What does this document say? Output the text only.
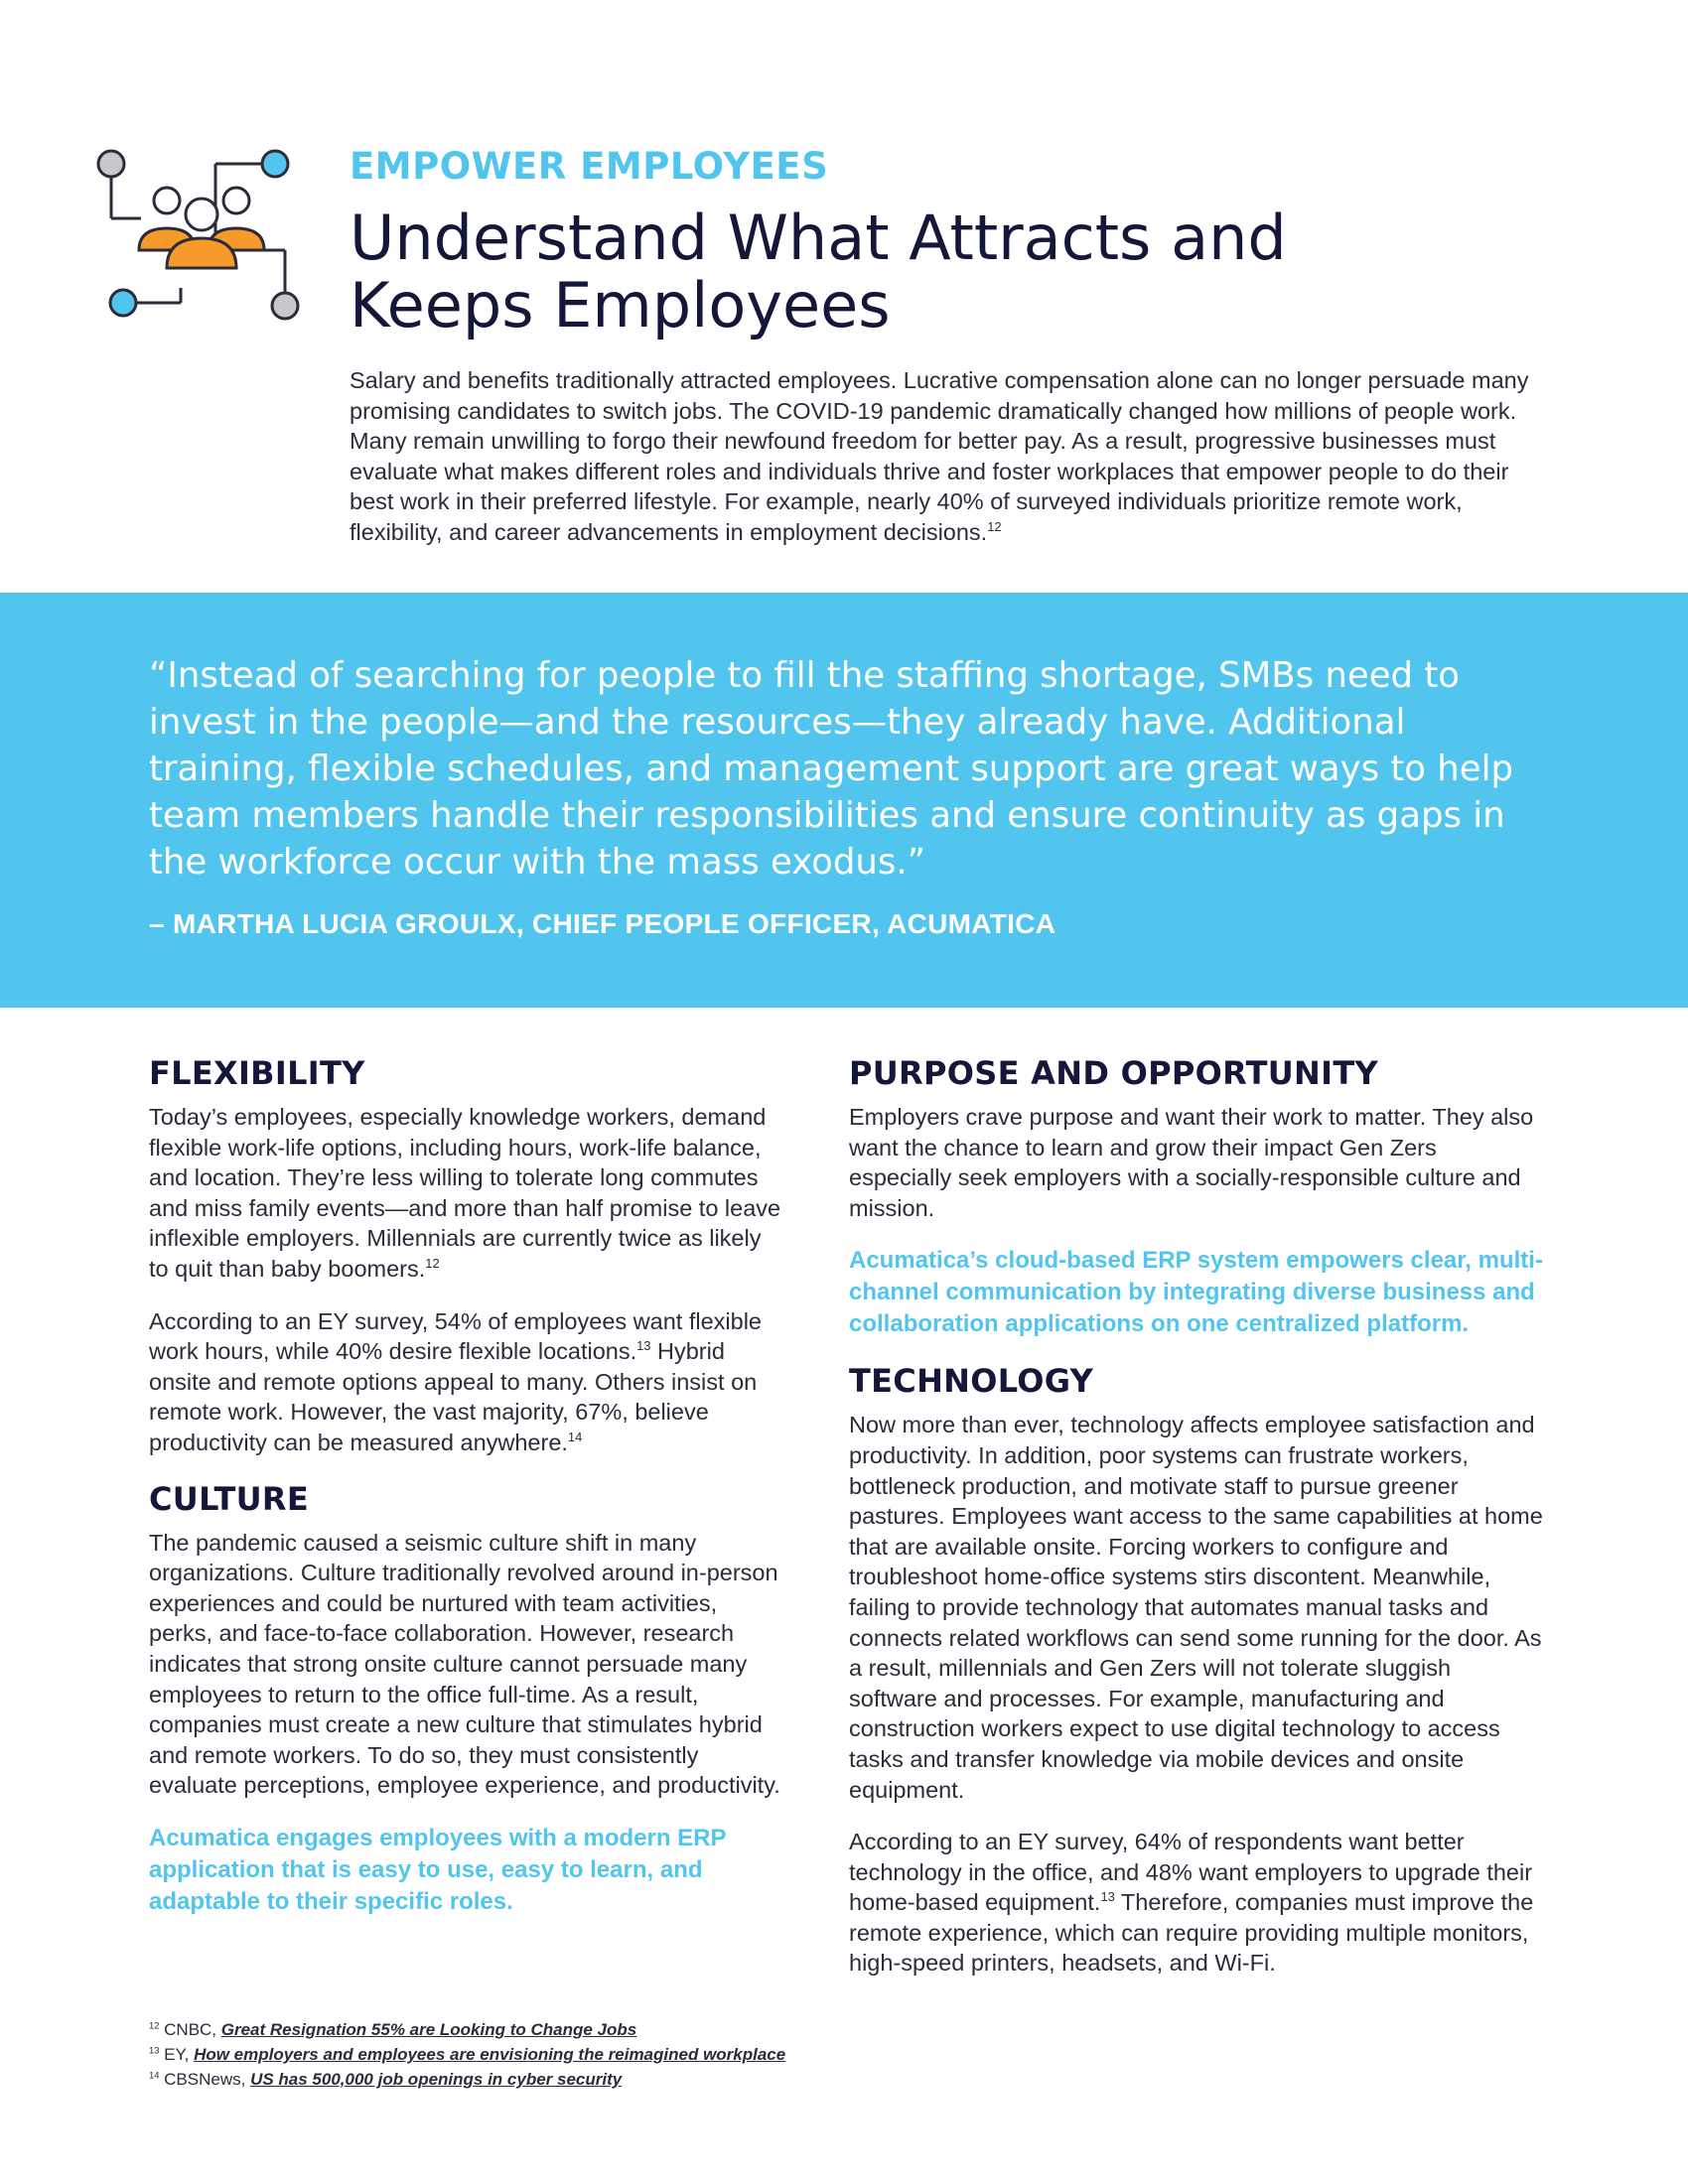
EMPOWER EMPLOYEES
Understand What Attracts and
Keeps Employees

Salary and benefits traditionally attracted employees. Lucrative compensation alone can no longer persuade many promising candidates to switch jobs. The COVID-19 pandemic dramatically changed how millions of people work. Many remain unwilling to forgo their newfound freedom for better pay. As a result, progressive businesses must evaluate what makes different roles and individuals thrive and foster workplaces that empower people to do their best work in their preferred lifestyle. For example, nearly 40% of surveyed individuals prioritize remote work, flexibility, and career advancements in employment decisions.$^{12}$

“Instead of searching for people to fill the staffing shortage, SMBs need to invest in the people—and the resources—they already have. Additional training, flexible schedules, and management support are great ways to help team members handle their responsibilities and ensure continuity as gaps in the workforce occur with the mass exodus.”

– MARTHA LUCIA GROULX, CHIEF PEOPLE OFFICER, ACUMATICA

FLEXIBILITY

Today’s employees, especially knowledge workers, demand flexible work-life options, including hours, work-life balance, and location. They’re less willing to tolerate long commutes and miss family events—and more than half promise to leave inflexible employers. Millennials are currently twice as likely to quit than baby boomers.$^{12}$

According to an EY survey, 54% of employees want flexible work hours, while 40% desire flexible locations.$^{13}$ Hybrid onsite and remote options appeal to many. Others insist on remote work. However, the vast majority, 67%, believe productivity can be measured anywhere.$^{14}$

CULTURE

The pandemic caused a seismic culture shift in many organizations. Culture traditionally revolved around in-person experiences and could be nurtured with team activities, perks, and face-to-face collaboration. However, research indicates that strong onsite culture cannot persuade many employees to return to the office full-time. As a result, companies must create a new culture that stimulates hybrid and remote workers. To do so, they must consistently evaluate perceptions, employee experience, and productivity.

Acumatica engages employees with a modern ERP application that is easy to use, easy to learn, and adaptable to their specific roles.

PURPOSE AND OPPORTUNITY

Employers crave purpose and want their work to matter. They also want the chance to learn and grow their impact Gen Zers especially seek employers with a socially-responsible culture and mission.

Acumatica’s cloud-based ERP system empowers clear, multi-channel communication by integrating diverse business and collaboration applications on one centralized platform.

TECHNOLOGY

Now more than ever, technology affects employee satisfaction and productivity. In addition, poor systems can frustrate workers, bottleneck production, and motivate staff to pursue greener pastures. Employees want access to the same capabilities at home that are available onsite. Forcing workers to configure and troubleshoot home-office systems stirs discontent. Meanwhile, failing to provide technology that automates manual tasks and connects related workflows can send some running for the door. As a result, millennials and Gen Zers will not tolerate sluggish software and processes. For example, manufacturing and construction workers expect to use digital technology to access tasks and transfer knowledge via mobile devices and onsite equipment.

According to an EY survey, 64% of respondents want better technology in the office, and 48% want employers to upgrade their home-based equipment.$^{13}$ Therefore, companies must improve the remote experience, which can require providing multiple monitors, high-speed printers, headsets, and Wi-Fi.

$^{12}$ CNBC, Great Resignation 55% are Looking to Change Jobs
$^{13}$ EY, How employers and employees are envisioning the reimagined workplace
$^{14}$ CBSNews, US has 500,000 job openings in cyber security
